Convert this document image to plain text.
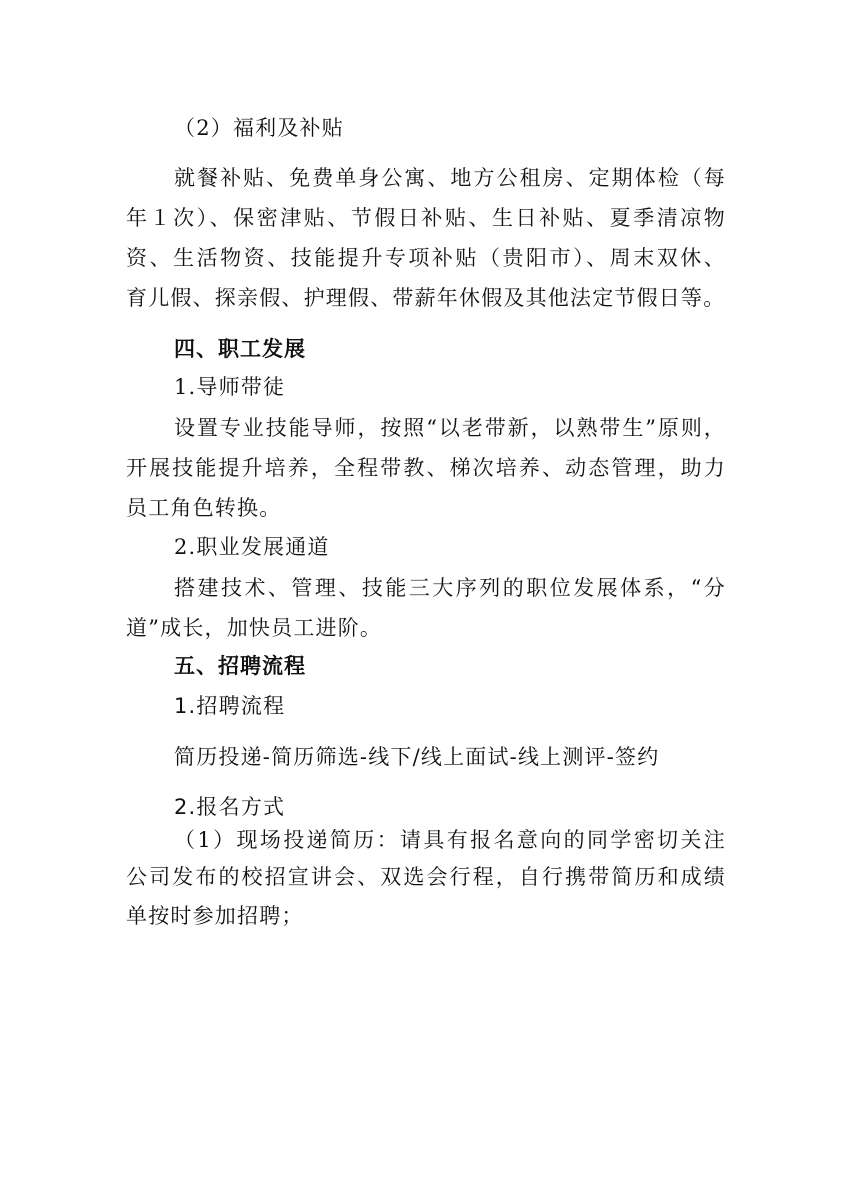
（2）福利及补贴
就餐补贴、免费单身公寓、地方公租房、定期体检（每
年１次）、保密津贴、节假日补贴、生日补贴、夏季清凉物
资、生活物资、技能提升专项补贴（贵阳市）、周末双休、
育儿假、探亲假、护理假、带薪年休假及其他法定节假日等。
四、职工发展
1.导师带徒
设置专业技能导师，按照“以老带新，以熟带生”原则，
开展技能提升培养，全程带教、梯次培养、动态管理，助力
员工角色转换。
2.职业发展通道
搭建技术、管理、技能三大序列的职位发展体系，“分
道”成长，加快员工进阶。
五、招聘流程
1.招聘流程
简历投递-简历筛选-线下/线上面试-线上测评-签约
2.报名方式
（1）现场投递简历：请具有报名意向的同学密切关注
公司发布的校招宣讲会、双选会行程，自行携带简历和成绩
单按时参加招聘；
